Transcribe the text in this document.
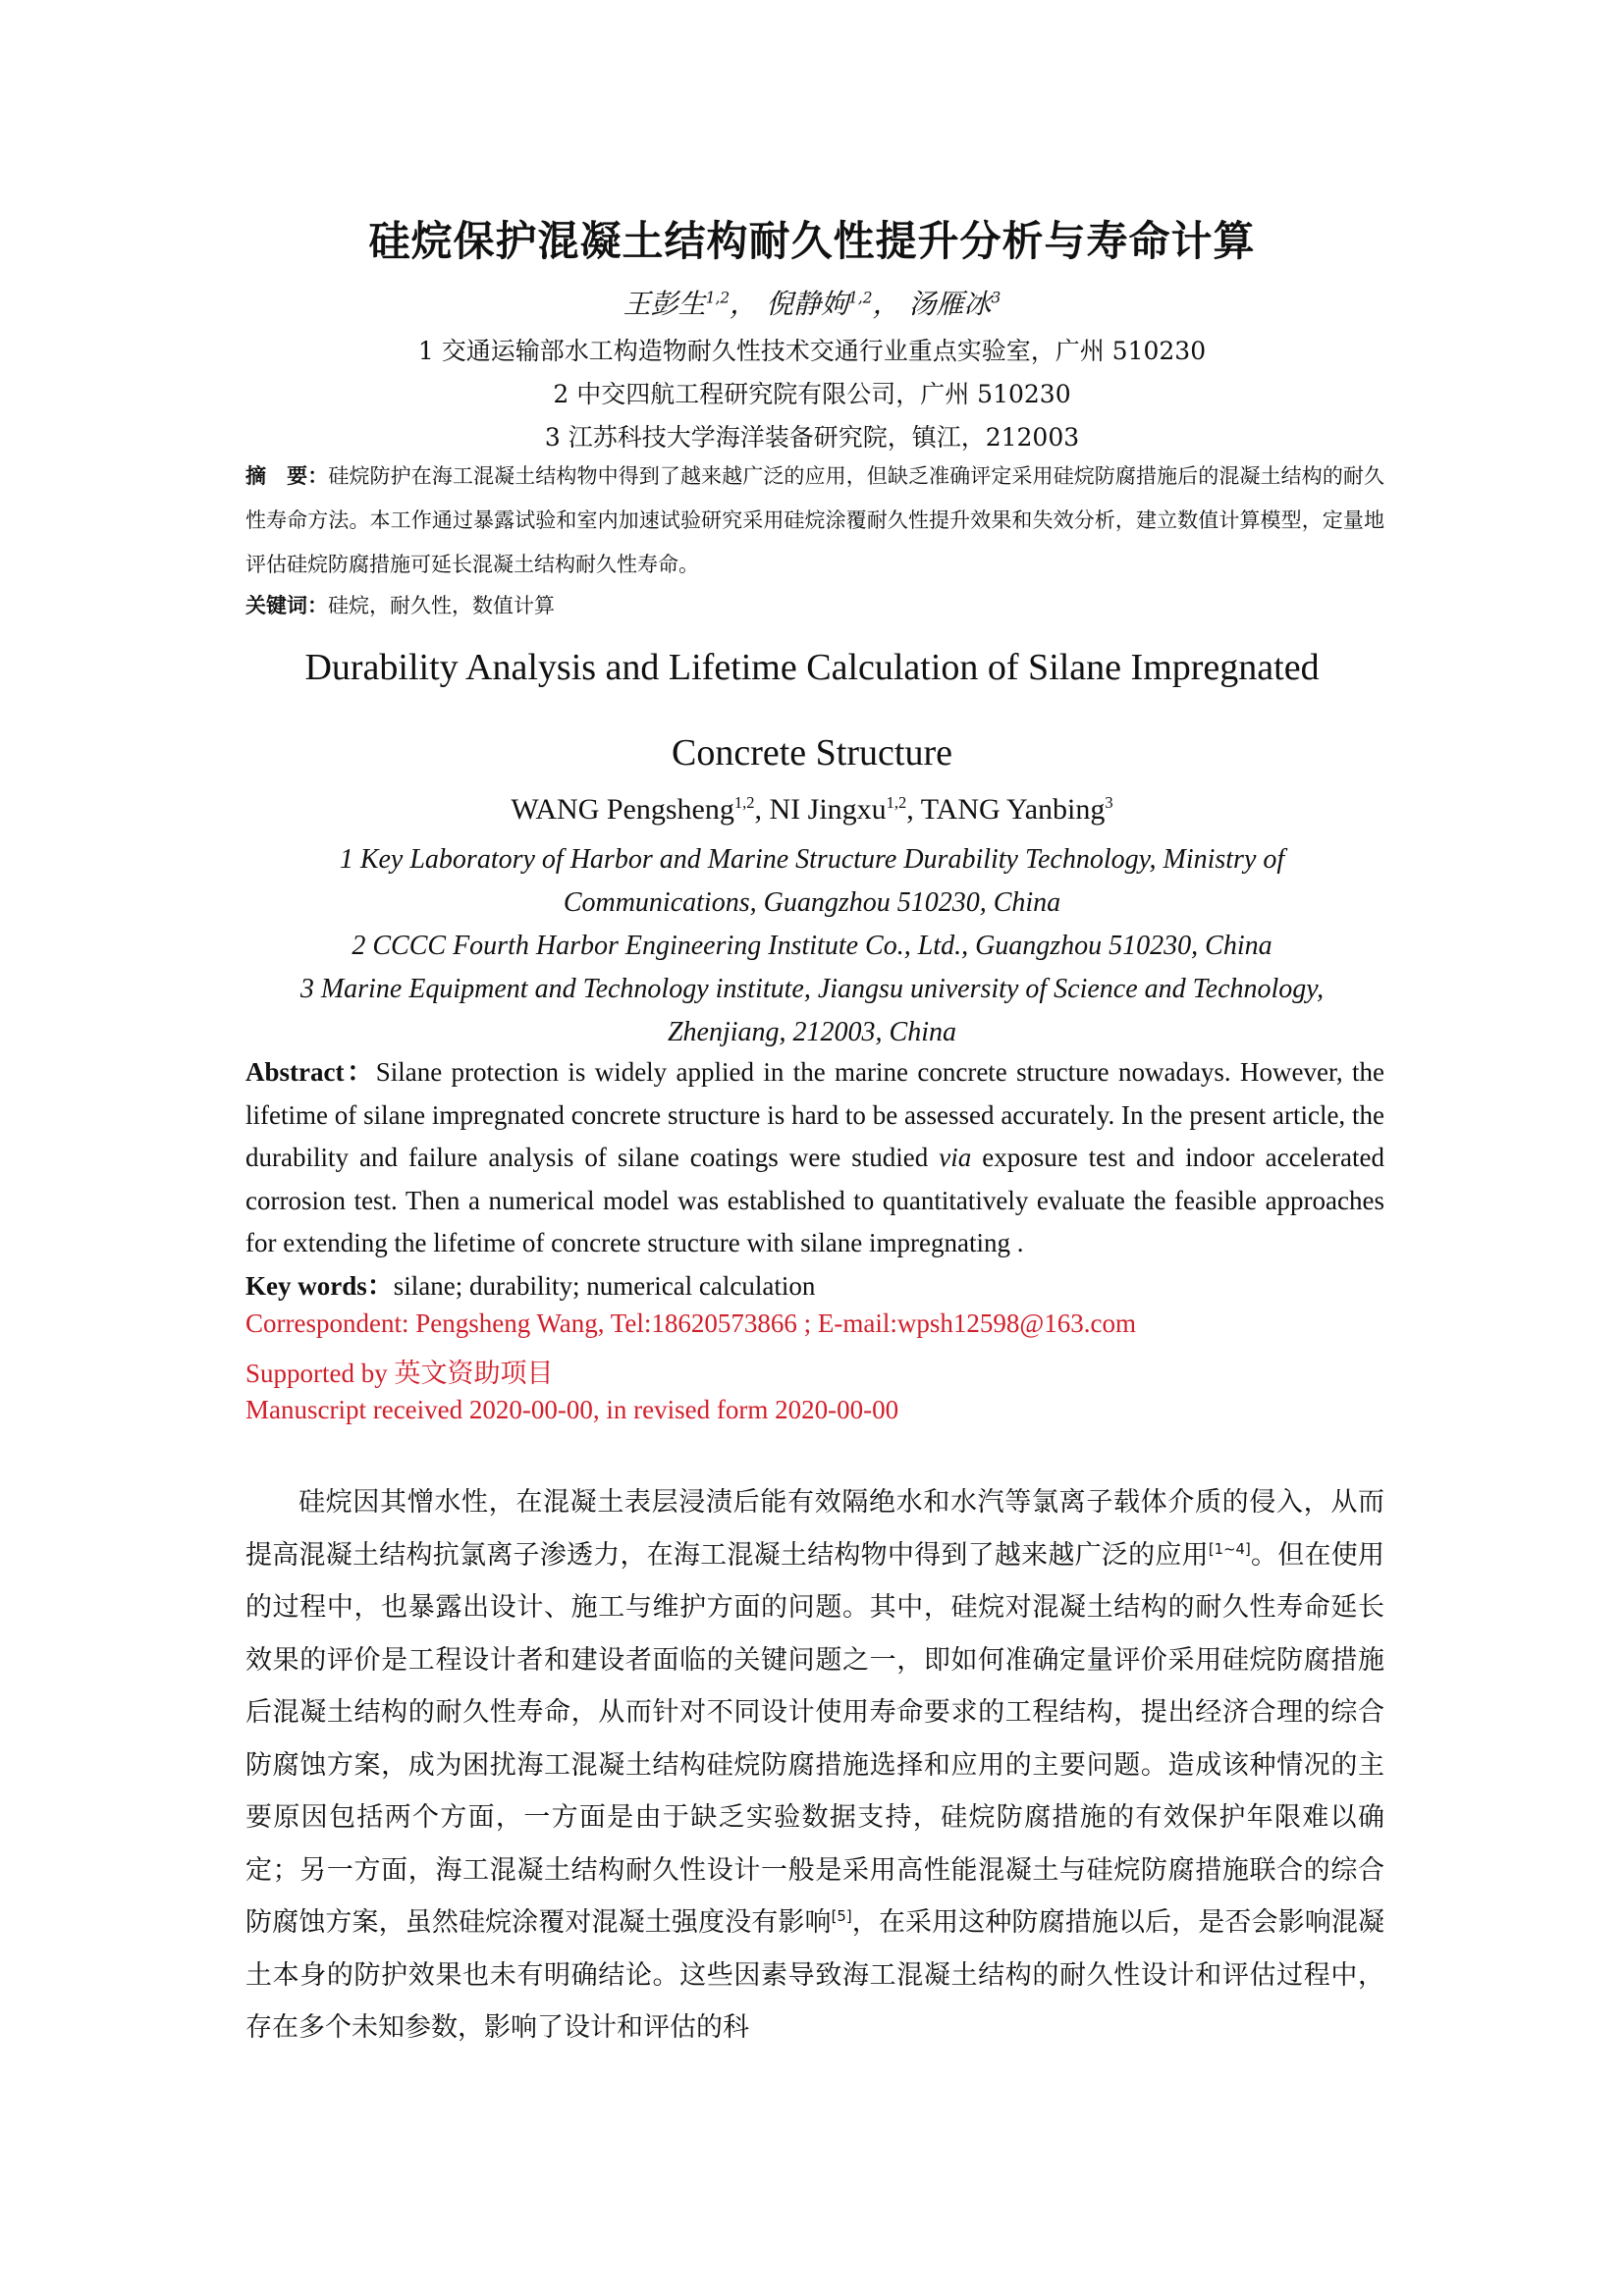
硅烷保护混凝土结构耐久性提升分析与寿命计算
王彭生$^{1,2}$， 倪静姁$^{1,2}$， 汤雁冰$^3$
1 交通运输部水工构造物耐久性技术交通行业重点实验室，广州 510230
2 中交四航工程研究院有限公司，广州 510230
3 江苏科技大学海洋装备研究院，镇江，212003
摘　要：硅烷防护在海工混凝土结构物中得到了越来越广泛的应用，但缺乏准确评定采用硅烷防腐措施后的混凝土结构的耐久性寿命方法。本工作通过暴露试验和室内加速试验研究采用硅烷涂覆耐久性提升效果和失效分析，建立数值计算模型，定量地评估硅烷防腐措施可延长混凝土结构耐久性寿命。
关键词：硅烷，耐久性，数值计算
Durability Analysis and Lifetime Calculation of Silane Impregnated
Concrete Structure
WANG Pengsheng$^{1,2}$, NI Jingxu$^{1,2}$, TANG Yanbing$^3$
1 Key Laboratory of Harbor and Marine Structure Durability Technology, Ministry of
Communications, Guangzhou 510230, China
2 CCCC Fourth Harbor Engineering Institute Co., Ltd., Guangzhou 510230, China
3 Marine Equipment and Technology institute, Jiangsu university of Science and Technology,
Zhenjiang, 212003, China
Abstract：Silane protection is widely applied in the marine concrete structure nowadays. However, the lifetime of silane impregnated concrete structure is hard to be assessed accurately. In the present article, the durability and failure analysis of silane coatings were studied via exposure test and indoor accelerated corrosion test. Then a numerical model was established to quantitatively evaluate the feasible approaches for extending the lifetime of concrete structure with silane impregnating .
Key words：silane; durability; numerical calculation
Correspondent: Pengsheng Wang, Tel:18620573866 ; E-mail:wpsh12598@163.com
Supported by 英文资助项目
Manuscript received 2020-00-00, in revised form 2020-00-00

硅烷因其憎水性，在混凝土表层浸渍后能有效隔绝水和水汽等氯离子载体介质的侵入，从而提高混凝土结构抗氯离子渗透力，在海工混凝土结构物中得到了越来越广泛的应用[1~4]。但在使用的过程中，也暴露出设计、施工与维护方面的问题。其中，硅烷对混凝土结构的耐久性寿命延长效果的评价是工程设计者和建设者面临的关键问题之一，即如何准确定量评价采用硅烷防腐措施后混凝土结构的耐久性寿命，从而针对不同设计使用寿命要求的工程结构，提出经济合理的综合防腐蚀方案，成为困扰海工混凝土结构硅烷防腐措施选择和应用的主要问题。造成该种情况的主要原因包括两个方面，一方面是由于缺乏实验数据支持，硅烷防腐措施的有效保护年限难以确定；另一方面，海工混凝土结构耐久性设计一般是采用高性能混凝土与硅烷防腐措施联合的综合防腐蚀方案，虽然硅烷涂覆对混凝土强度没有影响[5]，在采用这种防腐措施以后，是否会影响混凝土本身的防护效果也未有明确结论。这些因素导致海工混凝土结构的耐久性设计和评估过程中，存在多个未知参数，影响了设计和评估的科
